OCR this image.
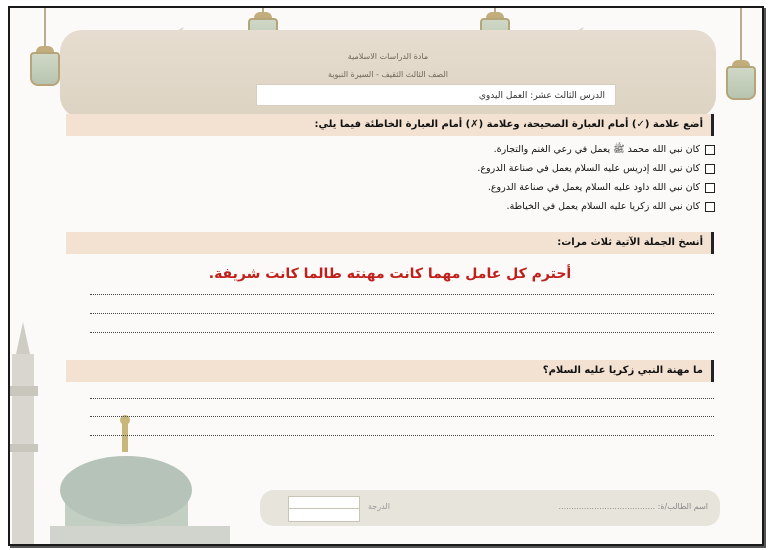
مادة الدراسات الاسلامية
الصف الثالث الثقيف - السيرة النبوية
الدرس الثالث عشر: العمل اليدوي
أضع علامة (✓) أمام العبارة الصحيحة، وعلامة (✗) أمام العبارة الخاطئة فيما يلي:
كان نبي الله محمد ﷺ يعمل في رعي الغنم والتجارة.
كان نبي الله إدريس عليه السلام يعمل في صناعة الدروع.
كان نبي الله داود عليه السلام يعمل في صناعة الدروع.
كان نبي الله زكريا عليه السلام يعمل في الخياطة.
أنسخ الجملة الآتية ثلاث مرات:
أحترم كل عامل مهما كانت مهنته طالما كانت شريفة.
ما مهنة النبي زكريا عليه السلام؟
اسم الطالب/ة: ......................................
الدرجة
